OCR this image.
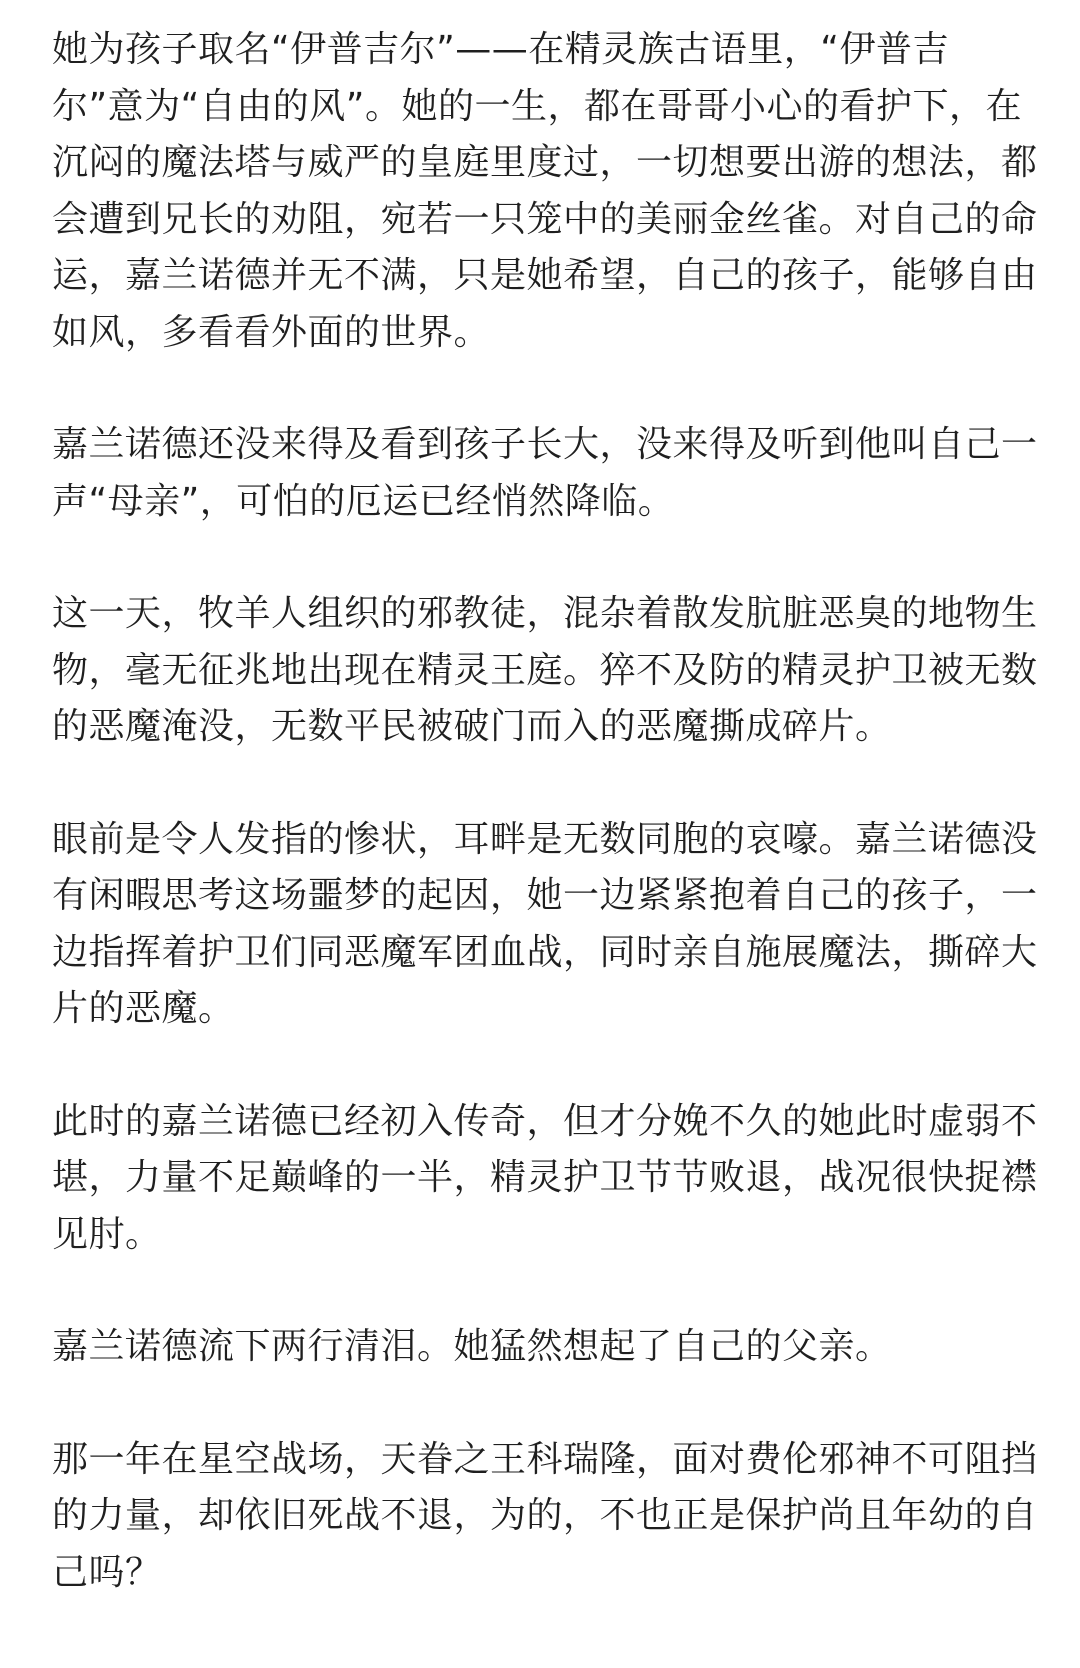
她为孩子取名“伊普吉尔”——在精灵族古语里，“伊普吉尔”意为“自由的风”。她的一生，都在哥哥小心的看护下，在沉闷的魔法塔与威严的皇庭里度过，一切想要出游的想法，都会遭到兄长的劝阻，宛若一只笼中的美丽金丝雀。对自己的命运，嘉兰诺德并无不满，只是她希望，自己的孩子，能够自由如风，多看看外面的世界。

嘉兰诺德还没来得及看到孩子长大，没来得及听到他叫自己一声“母亲”，可怕的厄运已经悄然降临。

这一天，牧羊人组织的邪教徒，混杂着散发肮脏恶臭的地物生物，毫无征兆地出现在精灵王庭。猝不及防的精灵护卫被无数的恶魔淹没，无数平民被破门而入的恶魔撕成碎片。

眼前是令人发指的惨状，耳畔是无数同胞的哀嚎。嘉兰诺德没有闲暇思考这场噩梦的起因，她一边紧紧抱着自己的孩子，一边指挥着护卫们同恶魔军团血战，同时亲自施展魔法，撕碎大片的恶魔。

此时的嘉兰诺德已经初入传奇，但才分娩不久的她此时虚弱不堪，力量不足巅峰的一半，精灵护卫节节败退，战况很快捉襟见肘。

嘉兰诺德流下两行清泪。她猛然想起了自己的父亲。

那一年在星空战场，天眷之王科瑞隆，面对费伦邪神不可阻挡的力量，却依旧死战不退，为的，不也正是保护尚且年幼的自己吗？
